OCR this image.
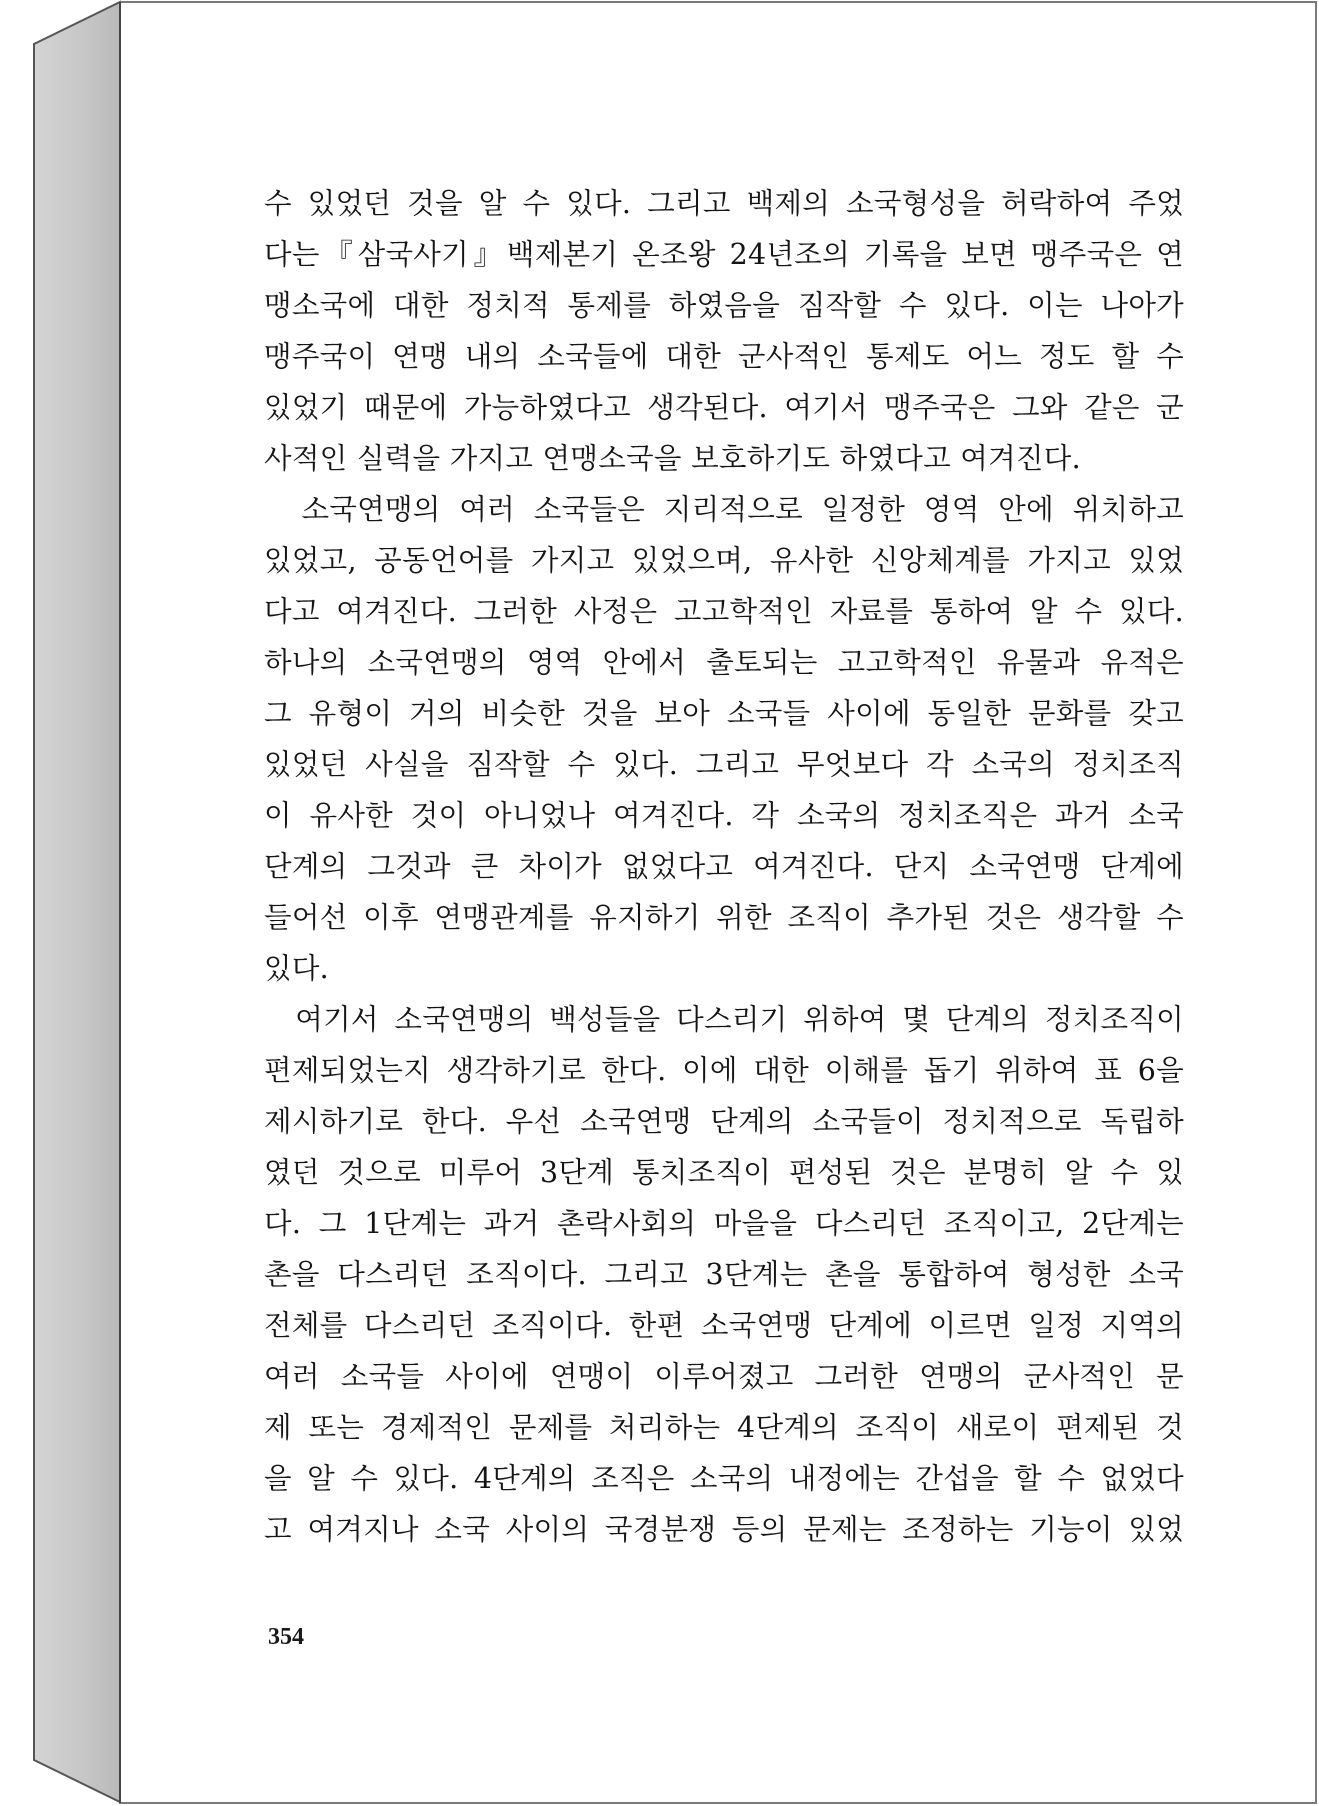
수 있었던 것을 알 수 있다. 그리고 백제의 소국형성을 허락하여 주었
다는『삼국사기』백제본기 온조왕 24년조의 기록을 보면 맹주국은 연
맹소국에 대한 정치적 통제를 하였음을 짐작할 수 있다. 이는 나아가
맹주국이 연맹 내의 소국들에 대한 군사적인 통제도 어느 정도 할 수
있었기 때문에 가능하였다고 생각된다. 여기서 맹주국은 그와 같은 군
사적인 실력을 가지고 연맹소국을 보호하기도 하였다고 여겨진다.
소국연맹의 여러 소국들은 지리적으로 일정한 영역 안에 위치하고
있었고, 공동언어를 가지고 있었으며, 유사한 신앙체계를 가지고 있었
다고 여겨진다. 그러한 사정은 고고학적인 자료를 통하여 알 수 있다.
하나의 소국연맹의 영역 안에서 출토되는 고고학적인 유물과 유적은
그 유형이 거의 비슷한 것을 보아 소국들 사이에 동일한 문화를 갖고
있었던 사실을 짐작할 수 있다. 그리고 무엇보다 각 소국의 정치조직
이 유사한 것이 아니었나 여겨진다. 각 소국의 정치조직은 과거 소국
단계의 그것과 큰 차이가 없었다고 여겨진다. 단지 소국연맹 단계에
들어선 이후 연맹관계를 유지하기 위한 조직이 추가된 것은 생각할 수
있다.
여기서 소국연맹의 백성들을 다스리기 위하여 몇 단계의 정치조직이
편제되었는지 생각하기로 한다. 이에 대한 이해를 돕기 위하여 표 6을
제시하기로 한다. 우선 소국연맹 단계의 소국들이 정치적으로 독립하
였던 것으로 미루어 3단계 통치조직이 편성된 것은 분명히 알 수 있
다. 그 1단계는 과거 촌락사회의 마을을 다스리던 조직이고, 2단계는
촌을 다스리던 조직이다. 그리고 3단계는 촌을 통합하여 형성한 소국
전체를 다스리던 조직이다. 한편 소국연맹 단계에 이르면 일정 지역의
여러 소국들 사이에 연맹이 이루어졌고 그러한 연맹의 군사적인 문
제 또는 경제적인 문제를 처리하는 4단계의 조직이 새로이 편제된 것
을 알 수 있다. 4단계의 조직은 소국의 내정에는 간섭을 할 수 없었다
고 여겨지나 소국 사이의 국경분쟁 등의 문제는 조정하는 기능이 있었
354
